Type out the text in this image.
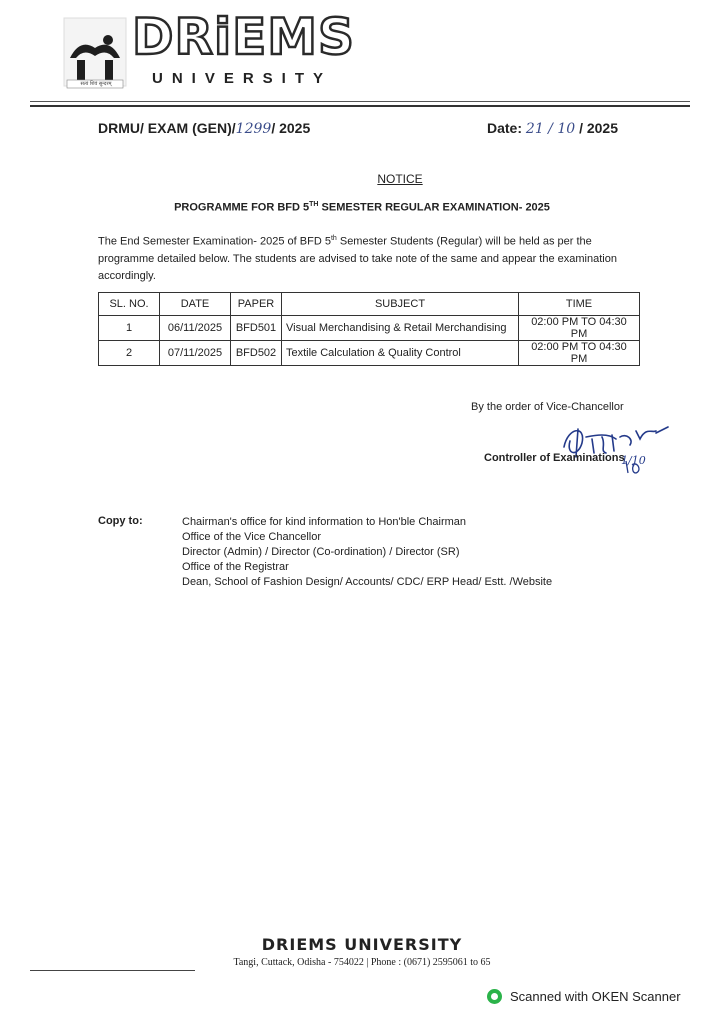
DRiEMS
UNIVERSITY
सत्यं शिवं सुन्दरम्
DRMU/ EXAM (GEN)/1299/ 2025	Date: 21 / 10 / 2025
NOTICE
PROGRAMME FOR BFD 5TH SEMESTER REGULAR EXAMINATION- 2025
The End Semester Examination- 2025 of BFD 5th Semester Students (Regular) will be held as per the programme detailed below. The students are advised to take note of the same and appear the examination accordingly.
SL. NO.	DATE	PAPER	SUBJECT	TIME
1	06/11/2025	BFD501	Visual Merchandising & Retail Merchandising	02:00 PM TO 04:30 PM
2	07/11/2025	BFD502	Textile Calculation & Quality Control	02:00 PM TO 04:30 PM
By the order of Vice-Chancellor
Controller of Examinations
1/10
Copy to:	Chairman's office for kind information to Hon'ble Chairman
Office of the Vice Chancellor
Director (Admin) / Director (Co-ordination) / Director (SR)
Office of the Registrar
Dean, School of Fashion Design/ Accounts/ CDC/ ERP Head/ Estt. /Website
DRIEMS UNIVERSITY
Tangi, Cuttack, Odisha - 754022 | Phone : (0671) 2595061 to 65
Scanned with OKEN Scanner
